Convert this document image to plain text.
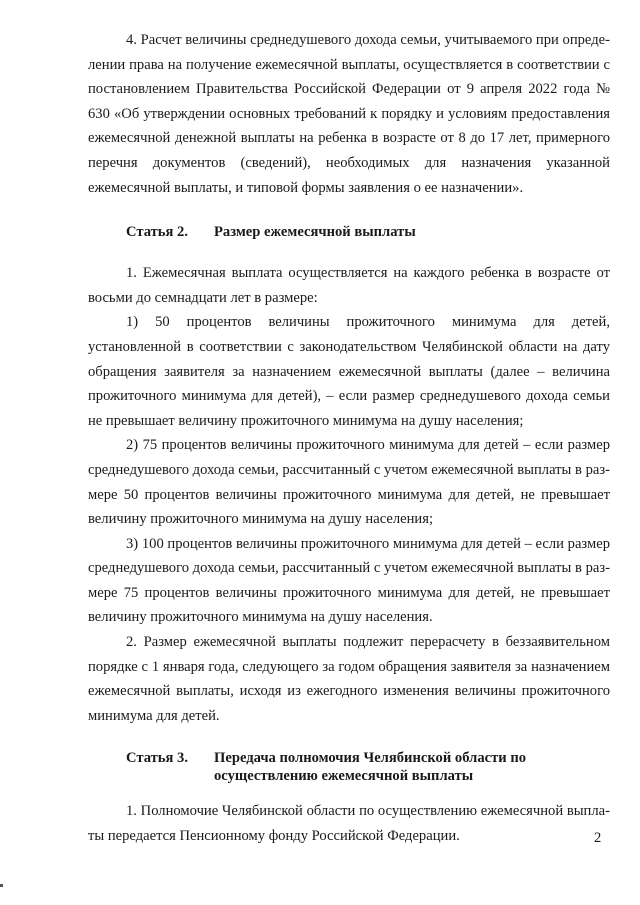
4. Расчет величины среднедушевого дохода семьи, учитываемого при определении права на получение ежемесячной выплаты, осуществляется в соответствии с постановлением Правительства Российской Федерации от 9 апреля 2022 года № 630 «Об утверждении основных требований к порядку и условиям предоставления ежемесячной денежной выплаты на ребенка в возрасте от 8 до 17 лет, примерного перечня документов (сведений), необходимых для назначения указанной ежемесячной выплаты, и типовой формы заявления о ее назначении».

Статья 2.	Размер ежемесячной выплаты

1. Ежемесячная выплата осуществляется на каждого ребенка в возрасте от восьми до семнадцати лет в размере:

1) 50 процентов величины прожиточного минимума для детей, установленной в соответствии с законодательством Челябинской области на дату обращения заявителя за назначением ежемесячной выплаты (далее – величина прожиточного минимума для детей), – если размер среднедушевого дохода семьи не превышает величину прожиточного минимума на душу населения;

2) 75 процентов величины прожиточного минимума для детей – если размер среднедушевого дохода семьи, рассчитанный с учетом ежемесячной выплаты в размере 50 процентов величины прожиточного минимума для детей, не превышает величину прожиточного минимума на душу населения;

3) 100 процентов величины прожиточного минимума для детей – если размер среднедушевого дохода семьи, рассчитанный с учетом ежемесячной выплаты в размере 75 процентов величины прожиточного минимума для детей, не превышает величину прожиточного минимума на душу населения.

2. Размер ежемесячной выплаты подлежит перерасчету в беззаявительном порядке с 1 января года, следующего за годом обращения заявителя за назначением ежемесячной выплаты, исходя из ежегодного изменения величины прожиточного минимума для детей.

Статья 3.	Передача полномочия Челябинской области по осуществлению ежемесячной выплаты

1. Полномочие Челябинской области по осуществлению ежемесячной выплаты передается Пенсионному фонду Российской Федерации.	2
